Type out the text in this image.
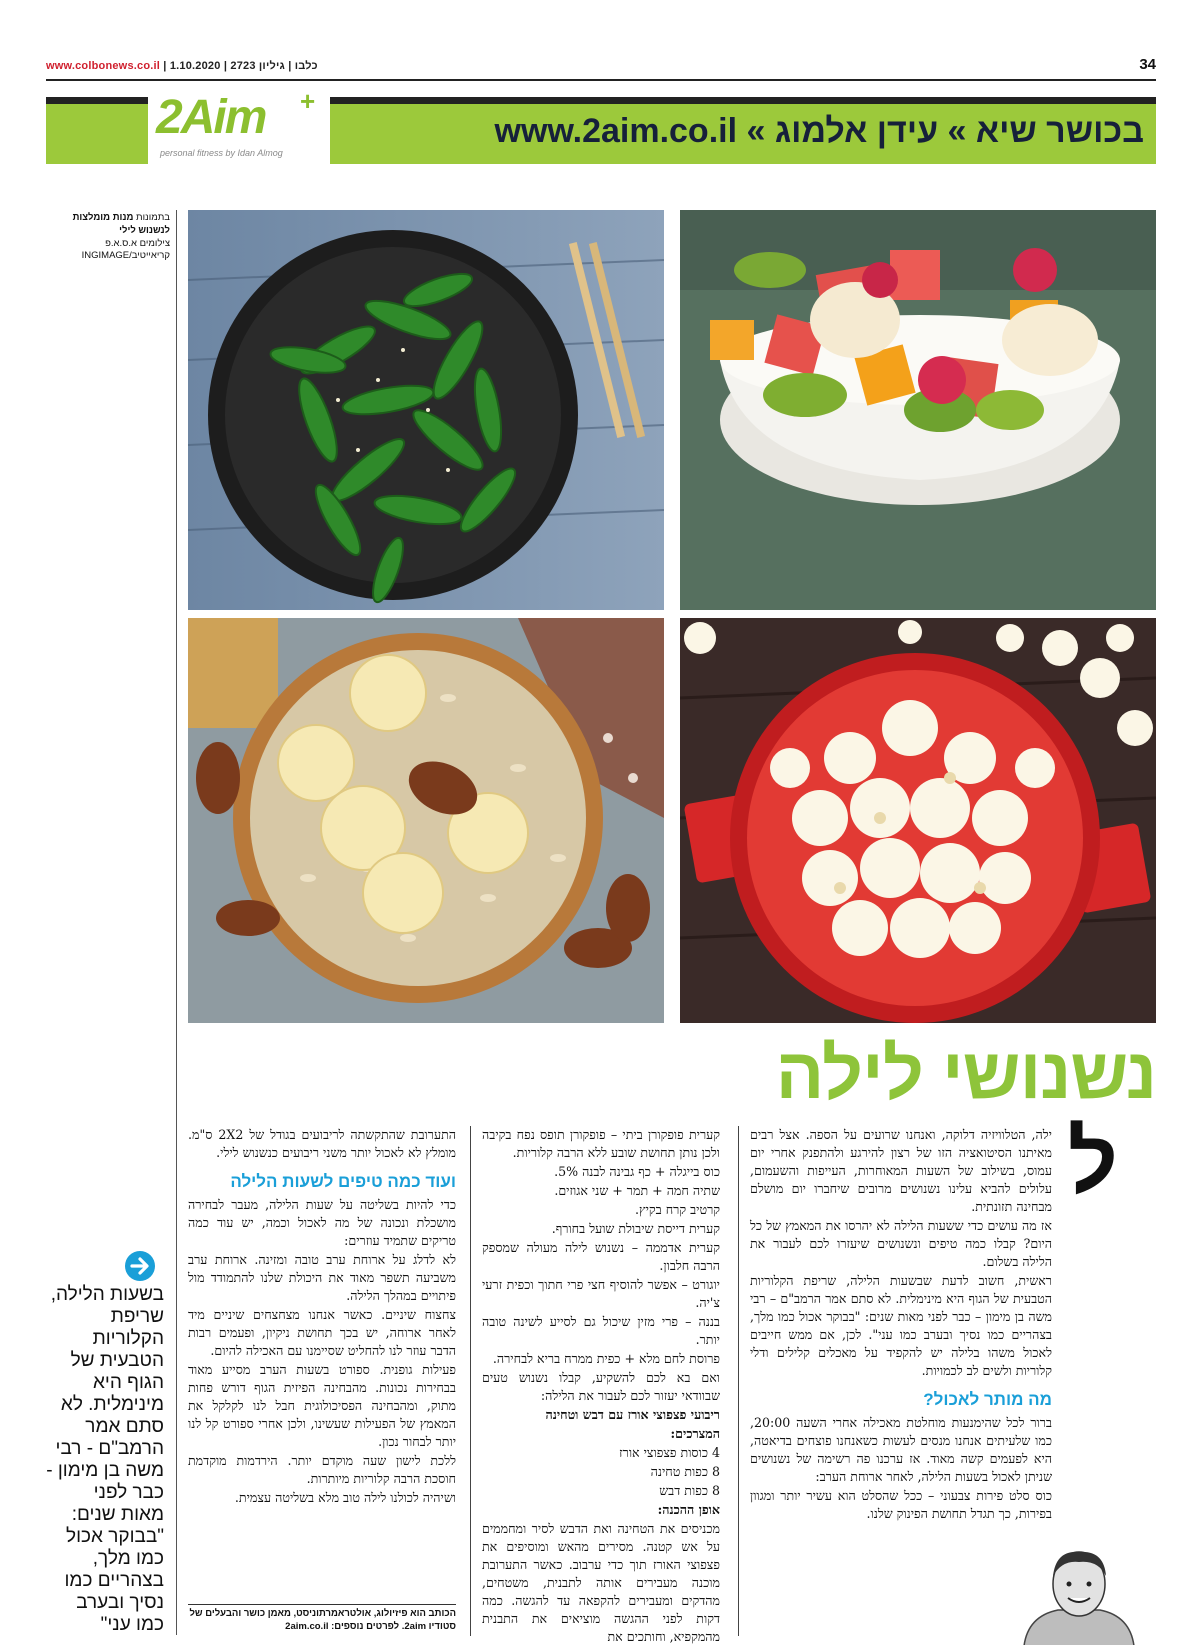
www.colbonews.co.il | כלבו | גיליון 2723 | 1.10.2020	34
בכושר שיא » עידן אלמוג » www.2aim.co.il
2Aim +
personal fitness by Idan Almog
בתמונות מנות מומלצות לנשנוש לילי
צילומים א.ס.א.פ קריאייטיב/INGIMAGE
נשנושי לילה
ל

ילה, הטלוויזיה דלוקה, ואנחנו שרועים על הספה. אצל רבים מאיתנו הסיטואציה הזו של רצון להירגע ולהתפנק אחרי יום עמוס, בשילוב של השעות המאוחרות, העייפות והשעמום, עלולים להביא עלינו נשנושים מרובים שיחברו יום מושלם מבחינה תזונתית.

אז מה עושים כדי ששעות הלילה לא יהרסו את המאמץ של כל היום? קבלו כמה טיפים ונשנושים שיעזרו לכם לעבור את הלילה בשלום.

ראשית, חשוב לדעת שבשעות הלילה, שריפת הקלוריות הטבעית של הגוף היא מינימלית. לא סתם אמר הרמב"ם – רבי משה בן מימון – כבר לפני מאות שנים: "בבוקר אכול כמו מלך, בצהריים כמו נסיך ובערב כמו עני". לכן, אם ממש חייבים לאכול משהו בלילה יש להקפיד על מאכלים קלילים ודלי קלוריות ולשים לב לכמויות.

מה מותר לאכול?

ברור לכל שהימנעות מוחלטת מאכילה אחרי השעה 20:00, כמו שלעיתים אנחנו מנסים לעשות כשאנחנו פוצחים בדיאטה, היא לפעמים קשה מאוד. אז ערכנו פה רשימה של נשנושים שניתן לאכול בשעות הלילה, לאחר ארוחת הערב:

כוס סלט פירות צבעוני – ככל שהסלט הוא עשיר יותר ומגוון בפירות, כך תגדל תחושת הפינוק שלנו.

קערית פופקורן ביתי – פופקורן תופס נפח בקיבה ולכן נותן תחושת שובע ללא הרבה קלוריות.

כוס בייגלה + כף גבינה לבנה 5%.

שתיה חמה + תמר + שני אגוזים.

קרטיב קרח בקיץ.

קערית דייסת שיבולת שועל בחורף.

קערית אדממה – נשנוש לילה מעולה שמספק הרבה חלבון.

יוגורט – אפשר להוסיף חצי פרי חתוך וכפית זרעי צ'יה.

בננה – פרי מזין שיכול גם לסייע לשינה טובה יותר.

פרוסת לחם מלא + כפית ממרח בריא לבחירה.

ואם בא לכם להשקיע, קבלו נשנוש טעים שבוודאי יעזור לכם לעבור את הלילה:

ריבועי פצפוצי אורז עם דבש וטחינה

המצרכים:

4 כוסות פצפוצי אורז

8 כפות טחינה

8 כפות דבש

אופן ההכנה:

מכניסים את הטחינה ואת הדבש לסיר ומחממים על אש קטנה. מסירים מהאש ומוסיפים את פצפוצי האורז תוך כדי ערבוב. כאשר התערובת מוכנה מעבירים אותה לתבנית, משטחים, מהדקים ומעבירים להקפאה עד להגשה. כמה דקות לפני ההגשה מוציאים את התבנית מהמקפיא, וחותכים את

התערובת שהתקשתה לריבועים בגודל של 2X2 ס"מ. מומלץ לא לאכול יותר משני ריבועים כנשנוש לילי.

ועוד כמה טיפים לשעות הלילה

כדי להיות בשליטה על שעות הלילה, מעבר לבחירה מושכלת ונכונה של מה לאכול וכמה, יש עוד כמה טריקים שתמיד עוזרים:

לא לדלג על ארוחת ערב טובה ומזינה. ארוחת ערב משביעה תשפר מאוד את היכולת שלנו להתמודד מול פיתויים במהלך הלילה.

צחצוח שיניים. כאשר אנחנו מצחצחים שיניים מיד לאחר ארוחה, יש בכך תחושת ניקיון, ופעמים רבות הדבר עוזר לנו להחליט שסיימנו עם האכילה להיום.

פעילות גופנית. ספורט בשעות הערב מסייע מאוד בבחירות נכונות. מהבחינה הפיזית הגוף דורש פחות מתוק, ומהבחינה הפסיכולוגית חבל לנו לקלקל את המאמץ של הפעילות שעשינו, ולכן אחרי ספורט קל לנו יותר לבחור נכון.

ללכת לישון שעה מוקדם יותר. הירדמות מוקדמת חוסכת הרבה קלוריות מיותרות.

ושיהיה לכולנו לילה טוב מלא בשליטה עצמית.

הכותב הוא פיזיולוג, אולטראמרתוניסט, מאמן כושר והבעלים של סטודיו 2aim. לפרטים נוספים: 2aim.co.il
בשעות הלילה, שריפת הקלוריות הטבעית של הגוף היא מינימלית. לא סתם אמר הרמב"ם - רבי משה בן מימון - כבר לפני מאות שנים: "בבוקר אכול כמו מלך, בצהריים כמו נסיך ובערב כמו עני"
